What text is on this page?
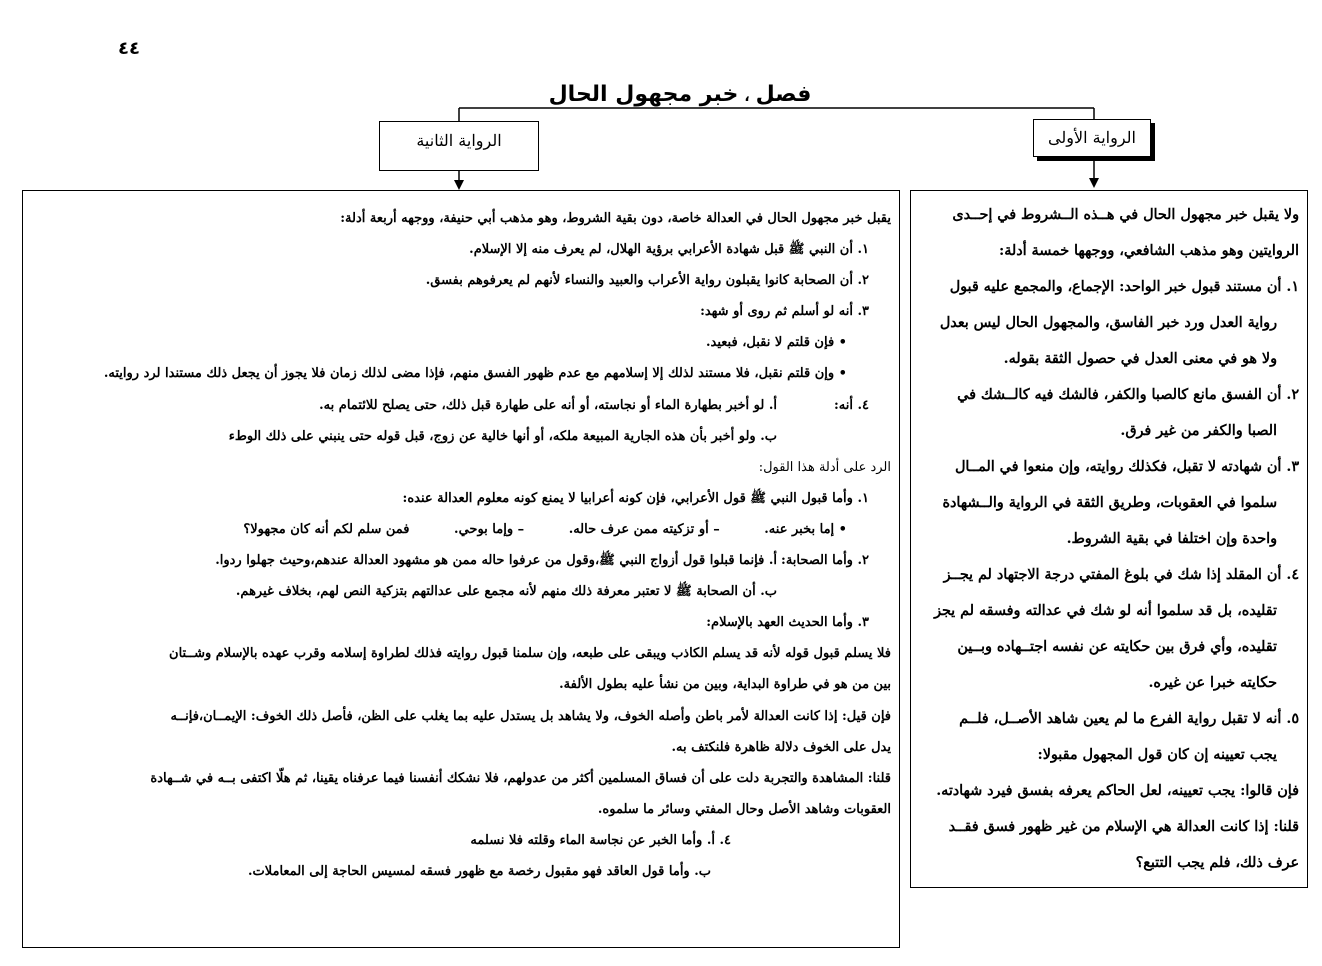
٤٤
فصل،خبر مجهول الحال
الرواية الأولى
الرواية الثانية
ولا يقبل خبر مجهول الحال في هــذه الــشروط في إحــدى
الروايتين وهو مذهب الشافعي، ووجهها خمسة أدلة:
١. أن مستند قبول خبر الواحد: الإجماع، والمجمع عليه قبول
رواية العدل ورد خبر الفاسق، والمجهول الحال ليس بعدل
ولا هو في معنى العدل في حصول الثقة بقوله.
٢. أن الفسق مانع كالصبا والكفر، فالشك فيه كالــشك في
الصبا والكفر من غير فرق.
٣. أن شهادته لا تقبل، فكذلك روايته، وإن منعوا في المــال
سلموا في العقوبات، وطريق الثقة في الرواية والــشهادة
واحدة وإن اختلفا في بقية الشروط.
٤. أن المقلد إذا شك في بلوغ المفتي درجة الاجتهاد لم يجــز
تقليده، بل قد سلموا أنه لو شك في عدالته وفسقه لم يجز
تقليده، وأي فرق بين حكايته عن نفسه اجتــهاده وبــين
حكايته خبرا عن غيره.
٥. أنه لا تقبل رواية الفرع ما لم يعين شاهد الأصــل، فلــم
يجب تعيينه إن كان قول المجهول مقبولا:
فإن قالوا: يجب تعيينه، لعل الحاكم يعرفه بفسق فيرد شهادته.
قلنا: إذا كانت العدالة هي الإسلام من غير ظهور فسق فقــد
عرف ذلك، فلم يجب التتبع؟
يقبل خبر مجهول الحال في العدالة خاصة، دون بقية الشروط، وهو مذهب أبي حنيفة، ووجهه أربعة أدلة:
١. أن النبي ﷺ قبل شهادة الأعرابي برؤية الهلال، لم يعرف منه إلا الإسلام.
٢. أن الصحابة كانوا يقبلون رواية الأعراب والعبيد والنساء لأنهم لم يعرفوهم بفسق.
٣. أنه لو أسلم ثم روى أو شهد:
• فإن قلتم لا نقبل، فبعيد.
• وإن قلتم نقبل، فلا مستند لذلك إلا إسلامهم مع عدم ظهور الفسق منهم، فإذا مضى لذلك زمان فلا يجوز أن يجعل ذلك مستندا لرد روايته.
٤. أنه:
أ. لو أخبر بطهارة الماء أو نجاسته، أو أنه على طهارة قبل ذلك، حتى يصلح للائتمام به.
ب. ولو أخبر بأن هذه الجارية المبيعة ملكه، أو أنها خالية عن زوج، قبل قوله حتى ينبني على ذلك الوطء
الرد على أدلة هذا القول:
١. وأما قبول النبي ﷺ قول الأعرابي، فإن كونه أعرابيا لا يمنع كونه معلوم العدالة عنده:
• إما بخبر عنه. – أو تزكيته ممن عرف حاله. – وإما بوحي. فمن سلم لكم أنه كان مجهولا؟
٢. وأما الصحابة:
أ. فإنما قبلوا قول أزواج النبي ﷺ،وقول من عرفوا حاله ممن هو مشهود العدالة عندهم،وحيث جهلوا ردوا.
ب. أن الصحابة ﷺ لا تعتبر معرفة ذلك منهم لأنه مجمع على عدالتهم بتزكية النص لهم، بخلاف غيرهم.
٣. وأما الحديث العهد بالإسلام:
فلا يسلم قبول قوله لأنه قد يسلم الكاذب ويبقى على طبعه، وإن سلمنا قبول روايته فذلك لطراوة إسلامه وقرب عهده بالإسلام وشــتان
بين من هو في طراوة البداية، وبين من نشأ عليه بطول الألفة.
فإن قيل: إذا كانت العدالة لأمر باطن وأصله الخوف، ولا يشاهد بل يستدل عليه بما يغلب على الظن، فأصل ذلك الخوف: الإيمــان،فإنــه
يدل على الخوف دلالة ظاهرة فلنكتف به.
قلنا: المشاهدة والتجربة دلت على أن فساق المسلمين أكثر من عدولهم، فلا نشكك أنفسنا فيما عرفناه يقينا، ثم هلّا اكتفى بــه في شــهادة
العقوبات وشاهد الأصل وحال المفتي وسائر ما سلموه.
٤. أ. وأما الخبر عن نجاسة الماء وقلته فلا نسلمه
ب. وأما قول العاقد فهو مقبول رخصة مع ظهور فسقه لمسيس الحاجة إلى المعاملات.
